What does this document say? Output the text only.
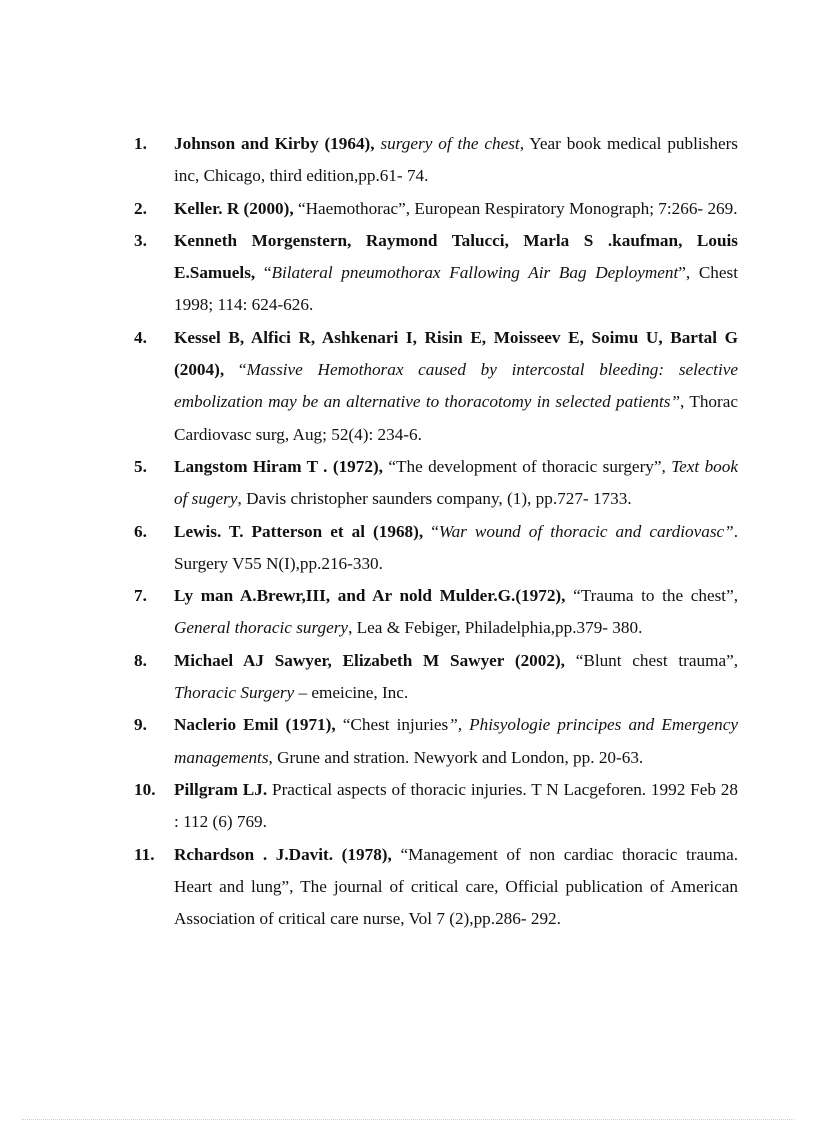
1. Johnson and Kirby (1964), surgery of the chest, Year book medical publishers inc, Chicago, third edition,pp.61- 74.
2. Keller. R (2000), “Haemothorac”, European Respiratory Monograph; 7:266- 269.
3. Kenneth Morgenstern, Raymond Talucci, Marla S .kaufman, Louis E.Samuels, “Bilateral pneumothorax Fallowing Air Bag Deployment”, Chest 1998; 114: 624-626.
4. Kessel B, Alfici R, Ashkenari I, Risin E, Moisseev E, Soimu U, Bartal G (2004), “Massive Hemothorax caused by intercostal bleeding: selective embolization may be an alternative to thoracotomy in selected patients”, Thorac Cardiovasc surg, Aug; 52(4): 234-6.
5. Langstom Hiram T . (1972), “The development of thoracic surgery”, Text book of sugery, Davis christopher saunders company, (1), pp.727- 1733.
6. Lewis. T. Patterson et al (1968), “War wound of thoracic and cardiovasc”. Surgery V55 N(I),pp.216-330.
7. Ly man A.Brewr,III, and Ar nold Mulder.G.(1972), “Trauma to the chest”, General thoracic surgery, Lea & Febiger, Philadelphia,pp.379- 380.
8. Michael AJ Sawyer, Elizabeth M Sawyer (2002), “Blunt chest trauma”, Thoracic Surgery – emeicine, Inc.
9. Naclerio Emil (1971), “Chest injuries”, Phisyologie principes and Emergency managements, Grune and stration. Newyork and London, pp. 20-63.
10. Pillgram LJ. Practical aspects of thoracic injuries. T N Lacgeforen. 1992 Feb 28 : 112 (6) 769.
11. Rchardson . J.Davit. (1978), “Management of non cardiac thoracic trauma. Heart and lung”, The journal of critical care, Official publication of American Association of critical care nurse, Vol 7 (2),pp.286- 292.
